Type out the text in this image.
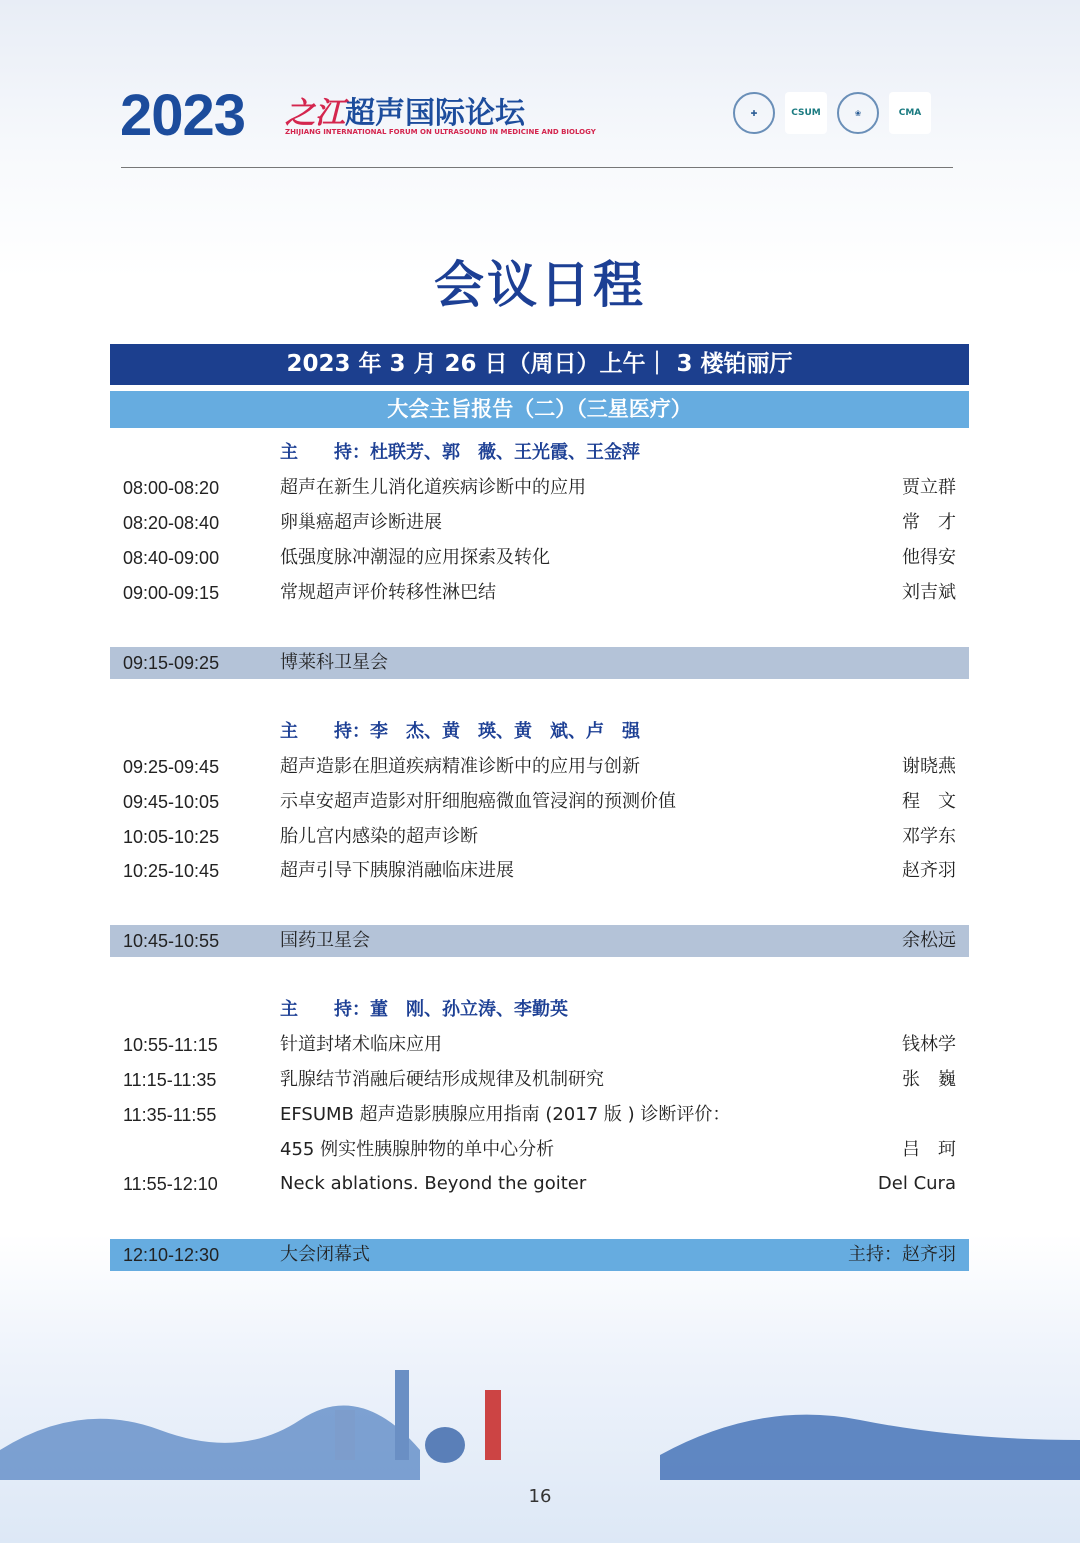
2023 之江超声国际论坛
ZHIJIANG INTERNATIONAL FORUM ON ULTRASOUND IN MEDICINE AND BIOLOGY
✚	CSUM	❀	CMA
会议日程
2023 年 3 月 26 日（周日）上午｜ 3 楼铂丽厅
大会主旨报告（二）（三星医疗）
主　　持：杜联芳、郭　薇、王光霞、王金萍
08:00-08:20	超声在新生儿消化道疾病诊断中的应用	贾立群
08:20-08:40	卵巢癌超声诊断进展	常　才
08:40-09:00	低强度脉冲潮湿的应用探索及转化	他得安
09:00-09:15	常规超声评价转移性淋巴结	刘吉斌
09:15-09:25	博莱科卫星会
主　　持：李　杰、黄　瑛、黄　斌、卢　强
09:25-09:45	超声造影在胆道疾病精准诊断中的应用与创新	谢晓燕
09:45-10:05	示卓安超声造影对肝细胞癌微血管浸润的预测价值	程　文
10:05-10:25	胎儿宫内感染的超声诊断	邓学东
10:25-10:45	超声引导下胰腺消融临床进展	赵齐羽
10:45-10:55	国药卫星会	余松远
主　　持：董　刚、孙立涛、李勤英
10:55-11:15	针道封堵术临床应用	钱林学
11:15-11:35	乳腺结节消融后硬结形成规律及机制研究	张　巍
11:35-11:55	EFSUMB 超声造影胰腺应用指南 (2017 版 ) 诊断评价：
455 例实性胰腺肿物的单中心分析	吕　珂
11:55-12:10	Neck ablations. Beyond the goiter	Del Cura
12:10-12:30	大会闭幕式	主持：赵齐羽
16
